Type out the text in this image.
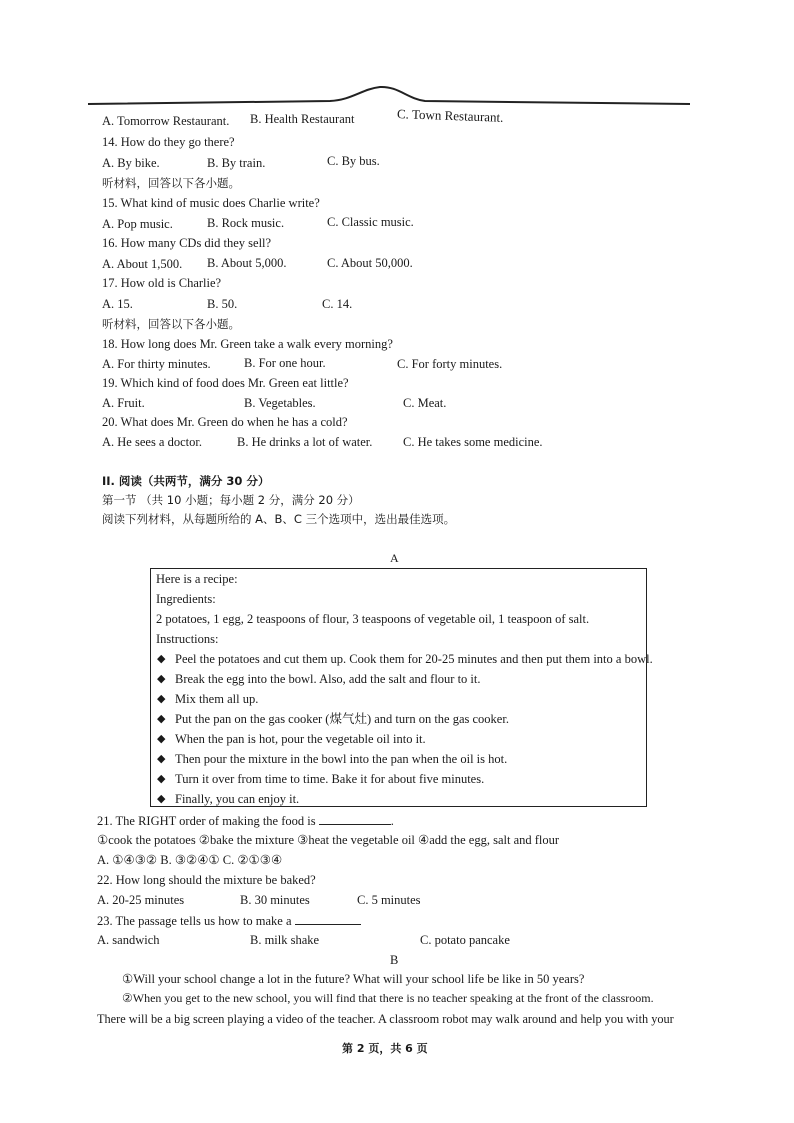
A. Tomorrow Restaurant. B. Health Restaurant	C. Town Restaurant.
14. How do they go there?
A. By bike.	B. By train.	C. By bus.
听材料，回答以下各小题。
15. What kind of music does Charlie write?
A. Pop music.	B. Rock music.	C. Classic music.
16. How many CDs did they sell?
A. About 1,500. B. About 5,000.	C. About 50,000.
17. How old is Charlie?
A. 15.	B. 50.	C. 14.
听材料，回答以下各小题。
18. How long does Mr. Green take a walk every morning?
A. For thirty minutes.	B. For one hour.	C. For forty minutes.
19. Which kind of food does Mr. Green eat little?
A. Fruit.	B. Vegetables.	C. Meat.
20. What does Mr. Green do when he has a cold?
A. He sees a doctor.	B. He drinks a lot of water. C. He takes some medicine.
II. 阅读（共两节，满分 30 分）
第一节 （共 10 小题；每小题 2 分，满分 20 分）
阅读下列材料，从每题所给的 A、B、C 三个选项中，选出最佳选项。
A
Here is a recipe:
Ingredients:
2 potatoes, 1 egg, 2 teaspoons of flour, 3 teaspoons of vegetable oil, 1 teaspoon of salt.
Instructions:
◆ Peel the potatoes and cut them up. Cook them for 20-25 minutes and then put them into a bowl.
◆ Break the egg into the bowl. Also, add the salt and flour to it.
◆ Mix them all up.
◆ Put the pan on the gas cooker (煤气灶) and turn on the gas cooker.
◆ When the pan is hot, pour the vegetable oil into it.
◆ Then pour the mixture in the bowl into the pan when the oil is hot.
◆ Turn it over from time to time. Bake it for about five minutes.
◆ Finally, you can enjoy it.
21. The RIGHT order of making the food is	.
①cook the potatoes ②bake the mixture ③heat the vegetable oil ④add the egg, salt and flour
A. ①④③② B. ③②④① C. ②①③④
22. How long should the mixture be baked?
A. 20-25 minutes	B. 30 minutes	C. 5 minutes
23. The passage tells us how to make a
A. sandwich	B. milk shake	C. potato pancake
B
①Will your school change a lot in the future? What will your school life be like in 50 years?
②When you get to the new school, you will find that there is no teacher speaking at the front of the classroom.
There will be a big screen playing a video of the teacher. A classroom robot may walk around and help you with your
第 2 页，共 6 页
